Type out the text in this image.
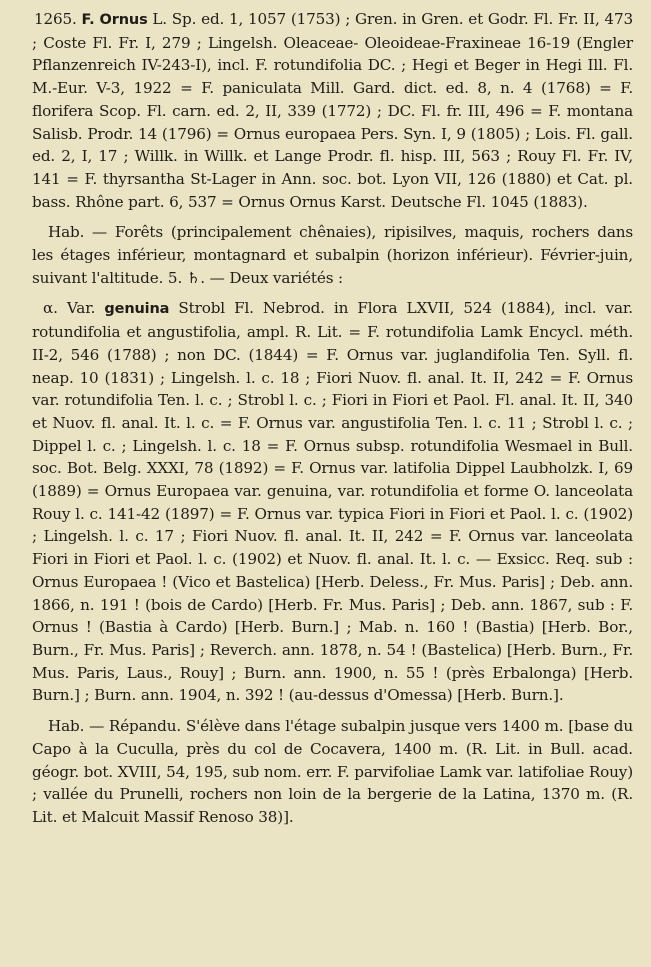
1265. F. Ornus L. Sp. ed. 1, 1057 (1753) ; Gren. in Gren. et Godr. Fl. Fr. II, 473 ; Coste Fl. Fr. I, 279 ; Lingelsh. Oleaceae- Oleoideae-Fraxineae 16-19 (Engler Pflanzenreich IV-243-I), incl. F. rotundifolia DC. ; Hegi et Beger in Hegi Ill. Fl. M.-Eur. V-3, 1922 = F. paniculata Mill. Gard. dict. ed. 8, n. 4 (1768) = F. florifera Scop. Fl. carn. ed. 2, II, 339 (1772) ; DC. Fl. fr. III, 496 = F. montana Salisb. Prodr. 14 (1796) = Ornus europaea Pers. Syn. I, 9 (1805) ; Lois. Fl. gall. ed. 2, I, 17 ; Willk. in Willk. et Lange Prodr. fl. hisp. III, 563 ; Rouy Fl. Fr. IV, 141 = F. thyrsantha St-Lager in Ann. soc. bot. Lyon VII, 126 (1880) et Cat. pl. bass. Rhône part. 6, 537 = Ornus Ornus Karst. Deutsche Fl. 1045 (1883).

Hab. — Forêts (principalement chênaies), ripisilves, maquis, rochers dans les étages inférieur, montagnard et subalpin (horizon inférieur). Février-juin, suivant l'altitude. 5. ♄. — Deux variétés :

α. Var. genuina Strobl Fl. Nebrod. in Flora LXVII, 524 (1884), incl. var. rotundifolia et angustifolia, ampl. R. Lit. = F. rotundifolia Lamk Encycl. méth. II-2, 546 (1788) ; non DC. (1844) = F. Ornus var. juglandifolia Ten. Syll. fl. neap. 10 (1831) ; Lingelsh. l. c. 18 ; Fiori Nuov. fl. anal. It. II, 242 = F. Ornus var. rotundifolia Ten. l. c. ; Strobl l. c. ; Fiori in Fiori et Paol. Fl. anal. It. II, 340 et Nuov. fl. anal. It. l. c. = F. Ornus var. angustifolia Ten. l. c. 11 ; Strobl l. c. ; Dippel l. c. ; Lingelsh. l. c. 18 = F. Ornus subsp. rotundifolia Wesmael in Bull. soc. Bot. Belg. XXXI, 78 (1892) = F. Ornus var. latifolia Dippel Laubholzk. I, 69 (1889) = Ornus Europaea var. genuina, var. rotundifolia et forme O. lanceolata Rouy l. c. 141-42 (1897) = F. Ornus var. typica Fiori in Fiori et Paol. l. c. (1902) ; Lingelsh. l. c. 17 ; Fiori Nuov. fl. anal. It. II, 242 = F. Ornus var. lanceolata Fiori in Fiori et Paol. l. c. (1902) et Nuov. fl. anal. It. l. c. — Exsicc. Req. sub : Ornus Europaea ! (Vico et Bastelica) [Herb. Deless., Fr. Mus. Paris] ; Deb. ann. 1866, n. 191 ! (bois de Cardo) [Herb. Fr. Mus. Paris] ; Deb. ann. 1867, sub : F. Ornus ! (Bastia à Cardo) [Herb. Burn.] ; Mab. n. 160 ! (Bastia) [Herb. Bor., Burn., Fr. Mus. Paris] ; Reverch. ann. 1878, n. 54 ! (Bastelica) [Herb. Burn., Fr. Mus. Paris, Laus., Rouy] ; Burn. ann. 1900, n. 55 ! (près Erbalonga) [Herb. Burn.] ; Burn. ann. 1904, n. 392 ! (au-dessus d'Omessa) [Herb. Burn.].

Hab. — Répandu. S'élève dans l'étage subalpin jusque vers 1400 m. [base du Capo à la Cuculla, près du col de Cocavera, 1400 m. (R. Lit. in Bull. acad. géogr. bot. XVIII, 54, 195, sub nom. err. F. parvifoliae Lamk var. latifoliae Rouy) ; vallée du Prunelli, rochers non loin de la bergerie de la Latina, 1370 m. (R. Lit. et Malcuit Massif Renoso 38)].
